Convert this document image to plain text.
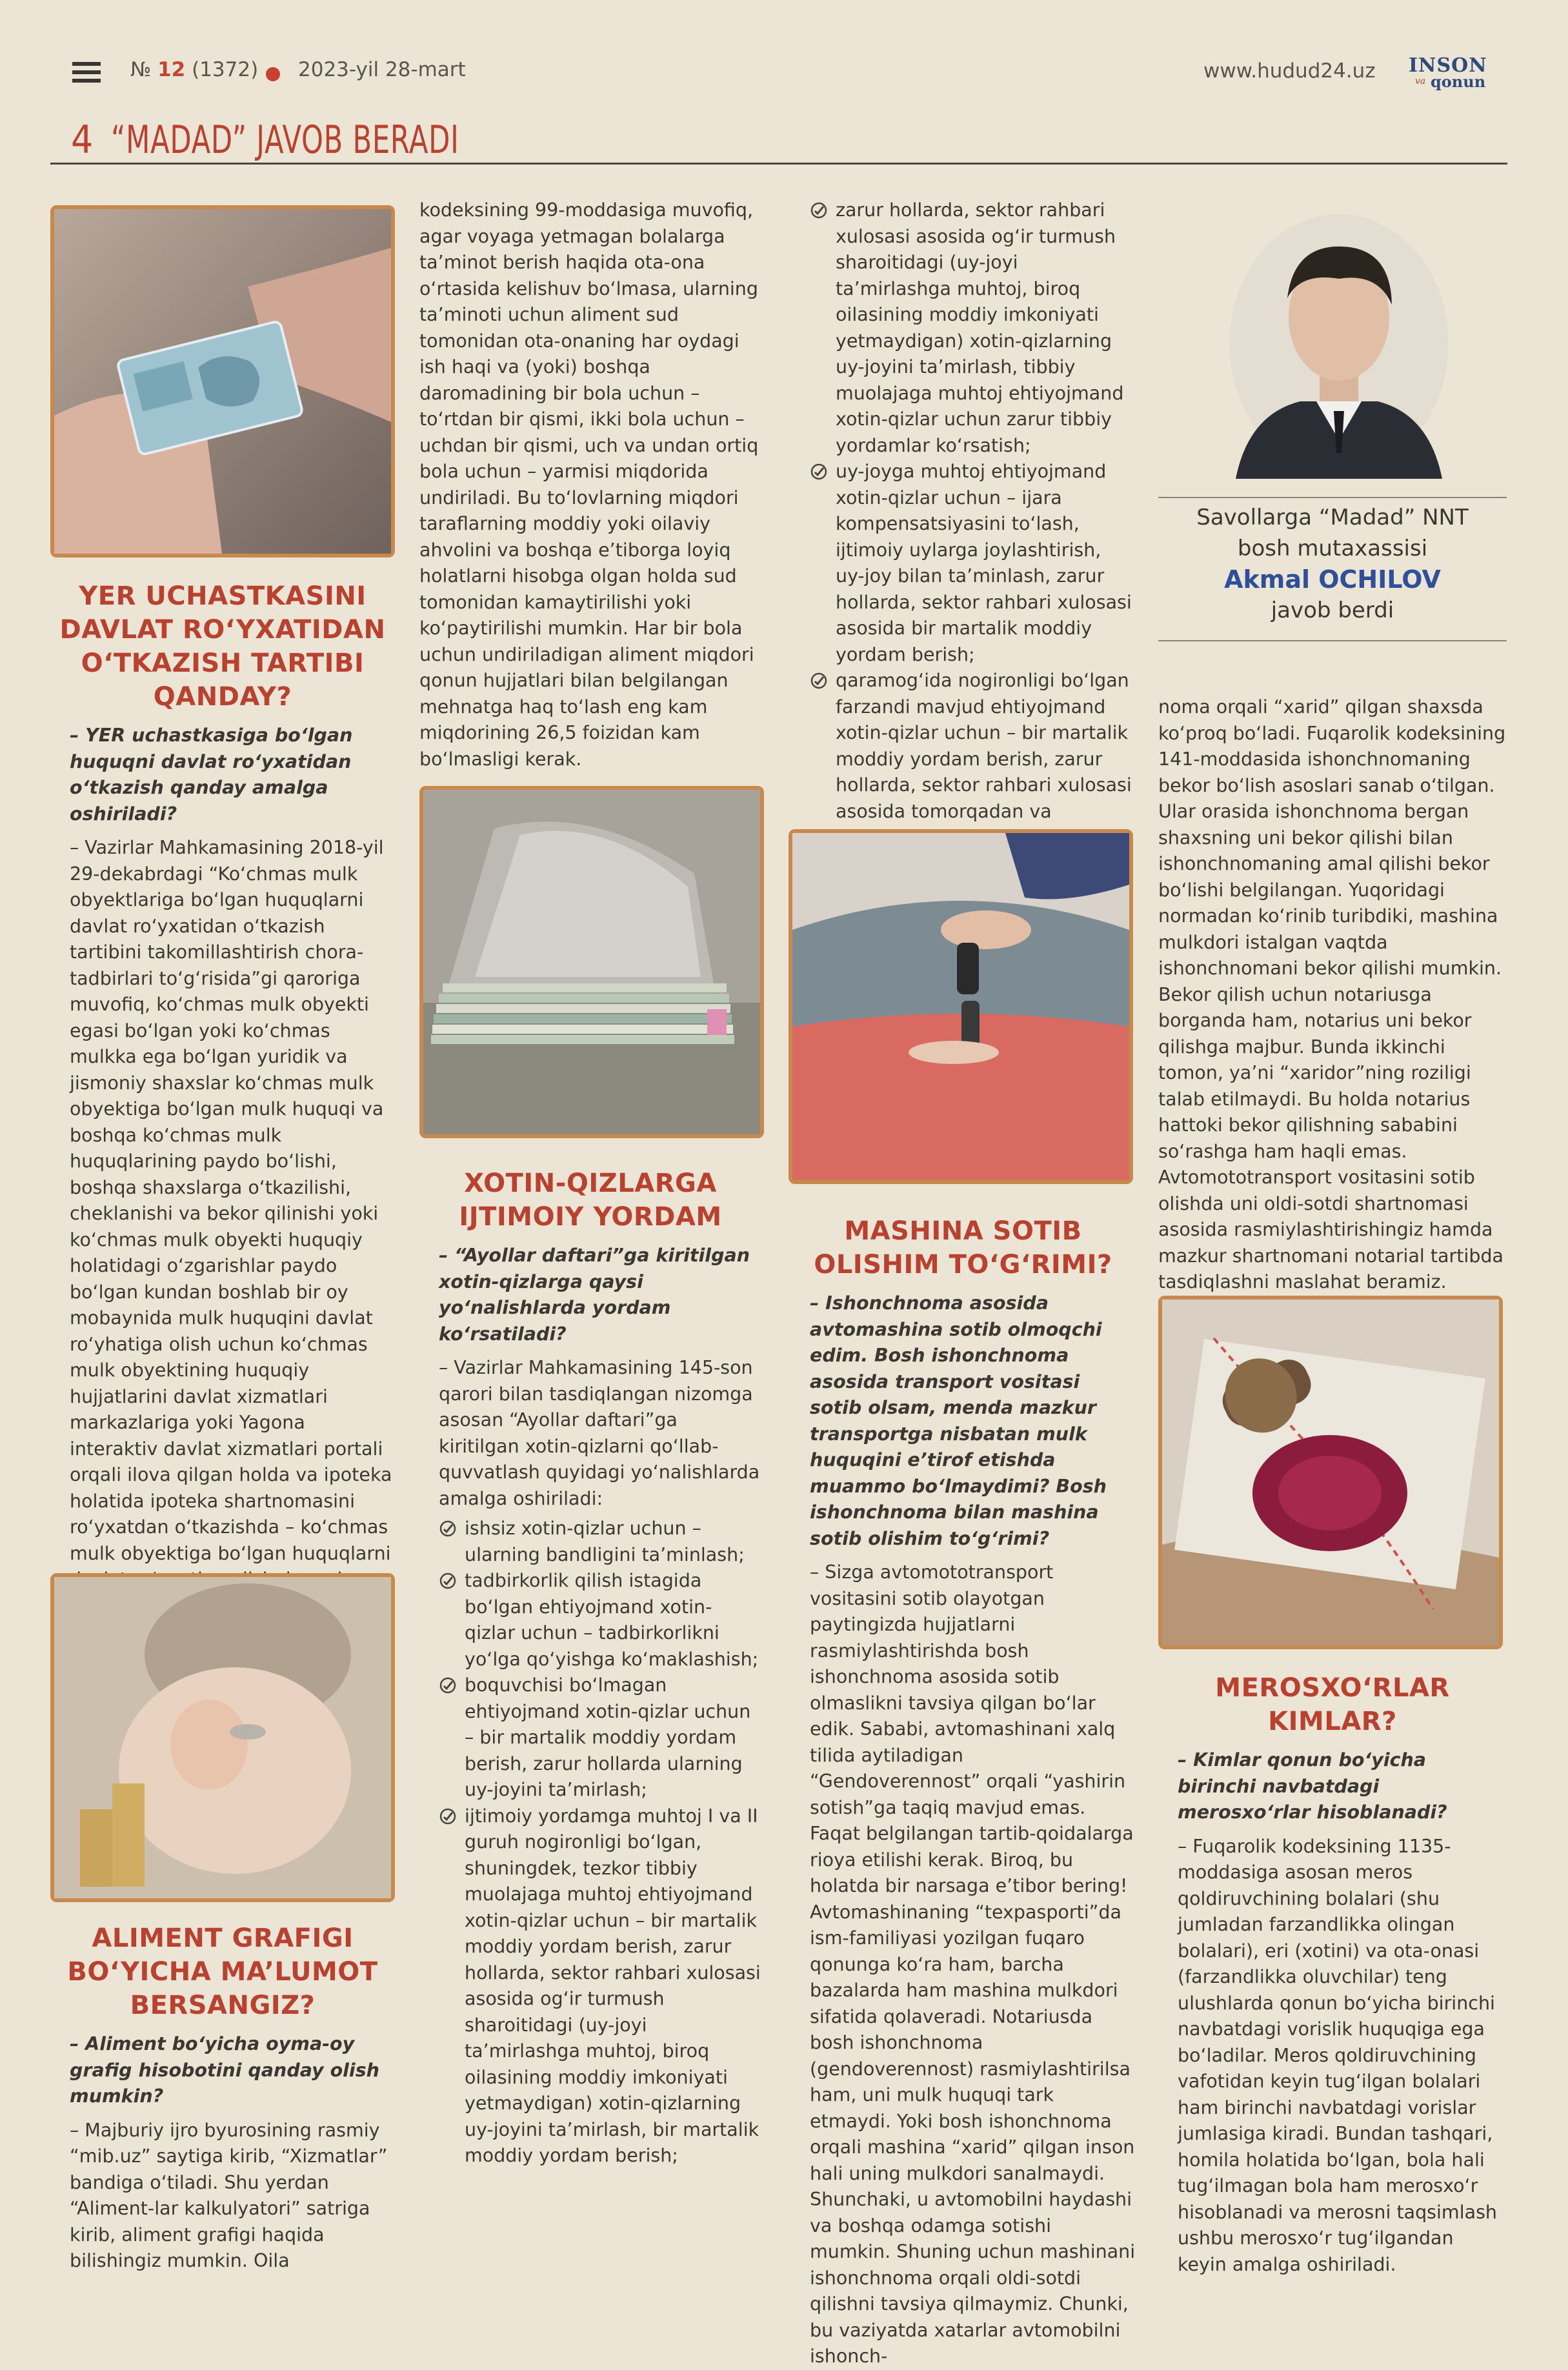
№ 12 (1372) 2023-yil 28-mart	www.hudud24.uz INSON
va qonun
4 “MADAD” JAVOB BERADI

YER UCHASTKASINI DAVLAT RO‘YXATIDAN O‘TKAZISH TARTIBI QANDAY?

– YER uchastkasiga bo‘lgan huquqni davlat ro‘yxatidan o‘tkazish qanday amalga oshiriladi?

– Vazirlar Mahkamasining 2018-yil 29-dekabrdagi “Ko‘chmas mulk obyektlariga bo‘lgan huquqlarni davlat ro‘yxatidan o‘tkazish tartibini takomillashtirish chora-tadbirlari to‘g‘risida”gi qaroriga muvofiq, ko‘chmas mulk obyekti egasi bo‘lgan yoki ko‘chmas mulkka ega bo‘lgan yuridik va jismoniy shaxslar ko‘chmas mulk obyektiga bo‘lgan mulk huquqi va boshqa ko‘chmas mulk huquqlarining paydo bo‘lishi, boshqa shaxslarga o‘tkazilishi, cheklanishi va bekor qilinishi yoki ko‘chmas mulk obyekti huquqiy holatidagi o‘zgarishlar paydo bo‘lgan kundan boshlab bir oy mobaynida mulk huquqini davlat ro‘yhatiga olish uchun ko‘chmas mulk obyektining huquqiy hujjatlarini davlat xizmatlari markazlariga yoki Yagona interaktiv davlat xizmatlari portali orqali ilova qilgan holda va ipoteka holatida ipoteka shartnomasini ro‘yxatdan o‘tkazishda – ko‘chmas mulk obyektiga bo‘lgan huquqlarni

ALIMENT GRAFIGI BO‘YICHA MA’LUMOT BERSANGIZ?

– Aliment bo‘yicha oyma-oy grafig hisobotini qanday olish mumkin?

– Majburiy ijro byurosining rasmiy “mib.uz” saytiga kirib, “Xizmatlar” bandiga o‘tiladi. Shu yerdan “Aliment-lar kalkulyatori” satriga kirib, aliment grafigi haqida bilishingiz mumkin. Oila

kodeksining 99-moddasiga muvofiq, agar voyaga yetmagan bolalarga ta’minot berish haqida ota-ona o‘rtasida kelishuv bo‘lmasa, ularning ta’minoti uchun aliment sud tomonidan ota-onaning har oydagi ish haqi va (yoki) boshqa daromadining bir bola uchun – to‘rtdan bir qismi, ikki bola uchun – uchdan bir qismi, uch va undan ortiq bola uchun – yarmisi miqdorida undiriladi. Bu to‘lovlarning miqdori taraflarning moddiy yoki oilaviy ahvolini va boshqa e’tiborga loyiq holatlarni hisobga olgan holda sud tomonidan kamaytirilishi yoki ko‘paytirilishi mumkin. Har bir bola uchun undiriladigan aliment miqdori qonun hujjatlari bilan belgilangan mehnatga haq to‘lash eng kam miqdorining 26,5 foizidan kam bo‘lmasligi kerak.

XOTIN-QIZLARGA IJTIMOIY YORDAM

– “Ayollar daftari”ga kiritilgan xotin-qizlarga qaysi yo‘nalishlarda yordam ko‘rsatiladi?

– Vazirlar Mahkamasining 145-son qarori bilan tasdiqlangan nizomga asosan “Ayollar daftari”ga kiritilgan xotin-qizlarni qo‘llab-quvvatlash quyidagi yo‘nalishlarda amalga oshiriladi:

ishsiz xotin-qizlar uchun – ularning bandligini ta’minlash;
tadbirkorlik qilish istagida bo‘lgan ehtiyojmand xotin-qizlar uchun – tadbirkorlikni yo‘lga qo‘yishga ko‘maklashish;
boquvchisi bo‘lmagan ehtiyojmand xotin-qizlar uchun – bir martalik moddiy yordam berish, zarur hollarda ularning uy-joyini ta’mirlash;
ijtimoiy yordamga muhtoj I va II guruh nogironligi bo‘lgan, shuningdek, tezkor tibbiy muolajaga muhtoj ehtiyojmand xotin-qizlar uchun – bir martalik moddiy yordam berish, zarur hollarda, sektor rahbari xulosasi asosida og‘ir turmush sharoitidagi (uy-joyi ta’mirlashga muhtoj, biroq oilasining moddiy imkoniyati yetmaydigan) xotin-qizlarning uy-joyini ta’mirlash, bir martalik moddiy yordam berish;
zarur hollarda, sektor rahbari xulosasi asosida og‘ir turmush sharoitidagi (uy-joyi ta’mirlashga muhtoj, biroq oilasining moddiy imkoniyati yetmaydigan) xotin-qizlarning uy-joyini ta’mirlash, tibbiy muolajaga muhtoj ehtiyojmand xotin-qizlar uchun zarur tibbiy yordamlar ko‘rsatish;
uy-joyga muhtoj ehtiyojmand xotin-qizlar uchun – ijara kompensatsiyasini to‘lash, ijtimoiy uylarga joylashtirish, uy-joy bilan ta’minlash, zarur hollarda, sektor rahbari xulosasi asosida bir martalik moddiy yordam berish;
qaramog‘ida nogironligi bo‘lgan farzandi mavjud ehtiyojmand xotin-qizlar uchun – bir martalik moddiy yordam berish, zarur hollarda, sektor rahbari xulosasi asosida tomorqadan va

MASHINA SOTIB OLISHIM TO‘G‘RIMI?

– Ishonchnoma asosida avtomashina sotib olmoqchi edim. Bosh ishonchnoma asosida transport vositasi sotib olsam, menda mazkur transportga nisbatan mulk huquqini e’tirof etishda muammo bo‘lmaydimi? Bosh ishonchnoma bilan mashina sotib olishim to‘g‘rimi?

– Sizga avtomototransport vositasini sotib olayotgan paytingizda hujjatlarni rasmiylashtirishda bosh ishonchnoma asosida sotib olmaslikni tavsiya qilgan bo‘lar edik. Sababi, avtomashinani xalq tilida aytiladigan “Gendoverennost” orqali “yashirin sotish”ga taqiq mavjud emas. Faqat belgilangan tartib-qoidalarga rioya etilishi kerak. Biroq, bu holatda bir narsaga e’tibor bering! Avtomashinaning “texpasporti”da ism-familiyasi yozilgan fuqaro qonunga ko‘ra ham, barcha bazalarda ham mashina mulkdori sifatida qolaveradi. Notariusda bosh ishonchnoma (gendoverennost) rasmiylashtirilsa ham, uni mulk huquqi tark etmaydi. Yoki bosh ishonchnoma orqali mashina “xarid” qilgan inson hali uning mulkdori sanalmaydi. Shunchaki, u avtomobilni haydashi va boshqa odamga sotishi mumkin. Shuning uchun mashinani ishonchnoma orqali oldi-sotdi qilishni tavsiya qilmaymiz. Chunki, bu vaziyatda xatarlar avtomobilni ishonch-

Savollarga “Madad” NNT

bosh mutaxassisi

Akmal OCHILOV

javob berdi

noma orqali “xarid” qilgan shaxsda ko‘proq bo‘ladi. Fuqarolik kodeksining 141-moddasida ishonchnomaning bekor bo‘lish asoslari sanab o‘tilgan. Ular orasida ishonchnoma bergan shaxsning uni bekor qilishi bilan ishonchnomaning amal qilishi bekor bo‘lishi belgilangan. Yuqoridagi normadan ko‘rinib turibdiki, mashina mulkdori istalgan vaqtda ishonchnomani bekor qilishi mumkin. Bekor qilish uchun notariusga borganda ham, notarius uni bekor qilishga majbur. Bunda ikkinchi tomon, ya’ni “xaridor”ning roziligi talab etilmaydi. Bu holda notarius hattoki bekor qilishning sababini so‘rashga ham haqli emas. Avtomototransport vositasini sotib olishda uni oldi-sotdi shartnomasi asosida rasmiylashtirishingiz hamda mazkur shartnomani notarial tartibda tasdiqlashni maslahat beramiz.

MEROSXO‘RLAR KIMLAR?

– Kimlar qonun bo‘yicha birinchi navbatdagi merosxo‘rlar hisoblanadi?

– Fuqarolik kodeksining 1135-moddasiga asosan meros qoldiruvchining bolalari (shu jumladan farzandlikka olingan bolalari), eri (xotini) va ota-onasi (farzandlikka oluvchilar) teng ulushlarda qonun bo‘yicha birinchi navbatdagi vorislik huquqiga ega bo‘ladilar. Meros qoldiruvchining vafotidan keyin tug‘ilgan bolalari ham birinchi navbatdagi vorislar jumlasiga kiradi. Bundan tashqari, homila holatida bo‘lgan, bola hali tug‘ilmagan bola ham merosxo‘r hisoblanadi va merosni taqsimlash ushbu merosxo‘r tug‘ilgandan keyin amalga oshiriladi.
